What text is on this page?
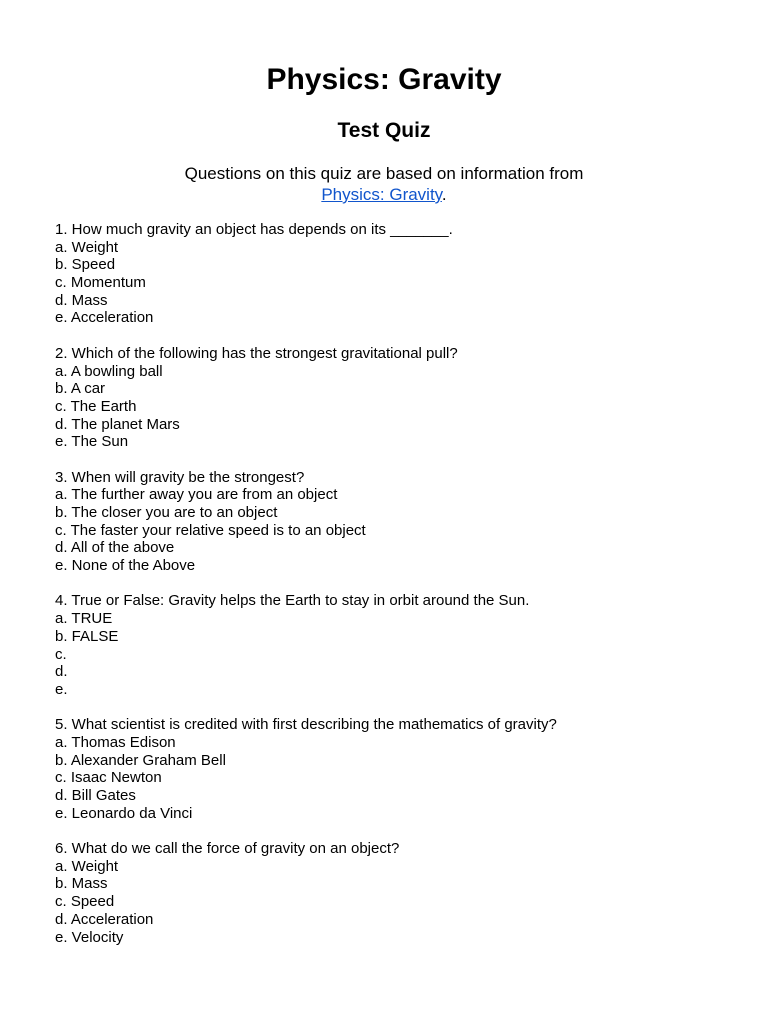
Physics: Gravity
Test Quiz
Questions on this quiz are based on information from
Physics: Gravity.
1. How much gravity an object has depends on its _______.
a. Weight
b. Speed
c. Momentum
d. Mass
e. Acceleration
2. Which of the following has the strongest gravitational pull?
a. A bowling ball
b. A car
c. The Earth
d. The planet Mars
e. The Sun
3. When will gravity be the strongest?
a. The further away you are from an object
b. The closer you are to an object
c. The faster your relative speed is to an object
d. All of the above
e. None of the Above
4. True or False: Gravity helps the Earth to stay in orbit around the Sun.
a. TRUE
b. FALSE
c.
d.
e.
5. What scientist is credited with first describing the mathematics of gravity?
a. Thomas Edison
b. Alexander Graham Bell
c. Isaac Newton
d. Bill Gates
e. Leonardo da Vinci
6. What do we call the force of gravity on an object?
a. Weight
b. Mass
c. Speed
d. Acceleration
e. Velocity
